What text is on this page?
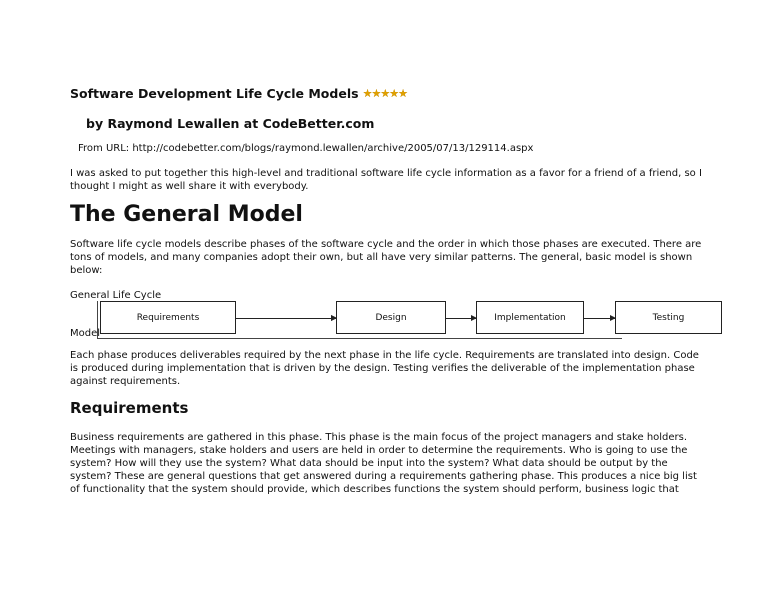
Software Development Life Cycle Models ★ ★ ★ ★ ★

by Raymond Lewallen at CodeBetter.com

From URL: http://codebetter.com/blogs/raymond.lewallen/archive/2005/07/13/129114.aspx

I was asked to put together this high-level and traditional software life cycle information as a favor for a friend of a friend, so I thought I might as well share it with everybody.

The General Model

Software life cycle models describe phases of the software cycle and the order in which those phases are executed. There are tons of models, and many companies adopt their own, but all have very similar patterns. The general, basic model is shown below:

General Life Cycle

Requirements	Design	Implementation	Testing

Model

Each phase produces deliverables required by the next phase in the life cycle. Requirements are translated into design. Code is produced during implementation that is driven by the design. Testing verifies the deliverable of the implementation phase against requirements.

Requirements

Business requirements are gathered in this phase. This phase is the main focus of the project managers and stake holders. Meetings with managers, stake holders and users are held in order to determine the requirements. Who is going to use the system? How will they use the system? What data should be input into the system? What data should be output by the system? These are general questions that get answered during a requirements gathering phase. This produces a nice big list of functionality that the system should provide, which describes functions the system should perform, business logic that
